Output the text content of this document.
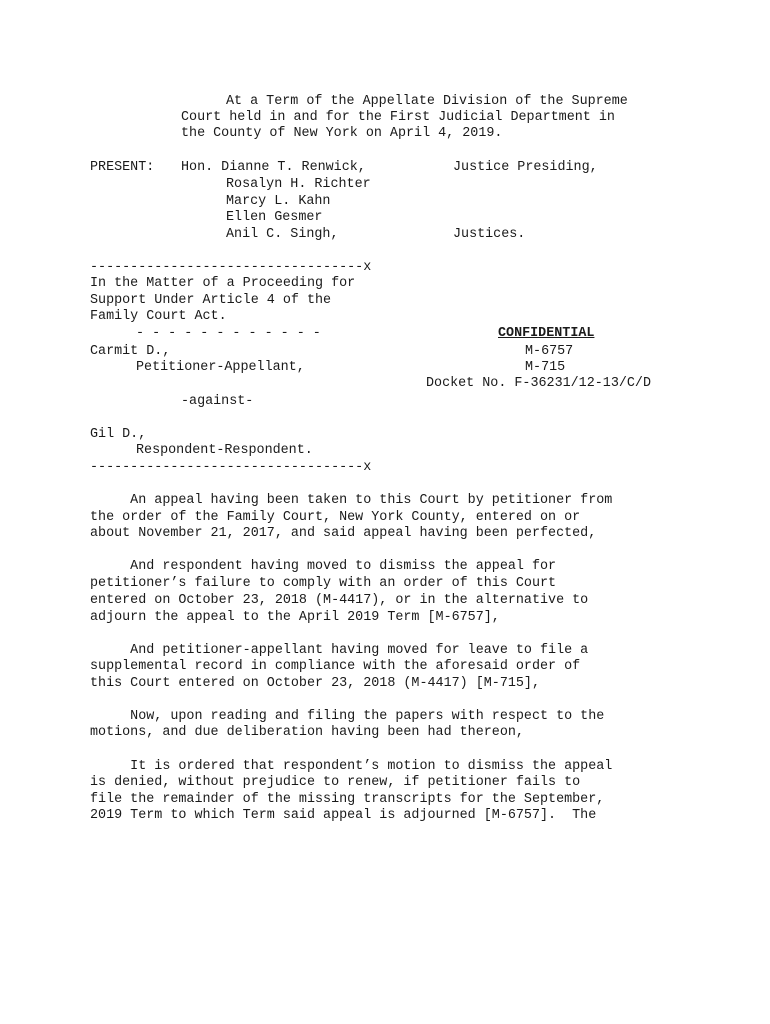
At a Term of the Appellate Division of the Supreme
Court held in and for the First Judicial Department in
the County of New York on April 4, 2019.
PRESENT: Hon. Dianne T. Renwick,	Justice Presiding,
Rosalyn H. Richter
Marcy L. Kahn
Ellen Gesmer
Anil C. Singh,	Justices.
----------------------------------x
In the Matter of a Proceeding for
Support Under Article 4 of the
Family Court Act.
- - - - - - - - - - - -	CONFIDENTIAL
Carmit D.,	M-6757
Petitioner-Appellant,	M-715
Docket No. F-36231/12-13/C/D
-against-
Gil D.,
Respondent-Respondent.
----------------------------------x
An appeal having been taken to this Court by petitioner from
the order of the Family Court, New York County, entered on or
about November 21, 2017, and said appeal having been perfected,
And respondent having moved to dismiss the appeal for
petitioner’s failure to comply with an order of this Court
entered on October 23, 2018 (M-4417), or in the alternative to
adjourn the appeal to the April 2019 Term [M-6757],
And petitioner-appellant having moved for leave to file a
supplemental record in compliance with the aforesaid order of
this Court entered on October 23, 2018 (M-4417) [M-715],
Now, upon reading and filing the papers with respect to the
motions, and due deliberation having been had thereon,
It is ordered that respondent’s motion to dismiss the appeal
is denied, without prejudice to renew, if petitioner fails to
file the remainder of the missing transcripts for the September,
2019 Term to which Term said appeal is adjourned [M-6757].  The
